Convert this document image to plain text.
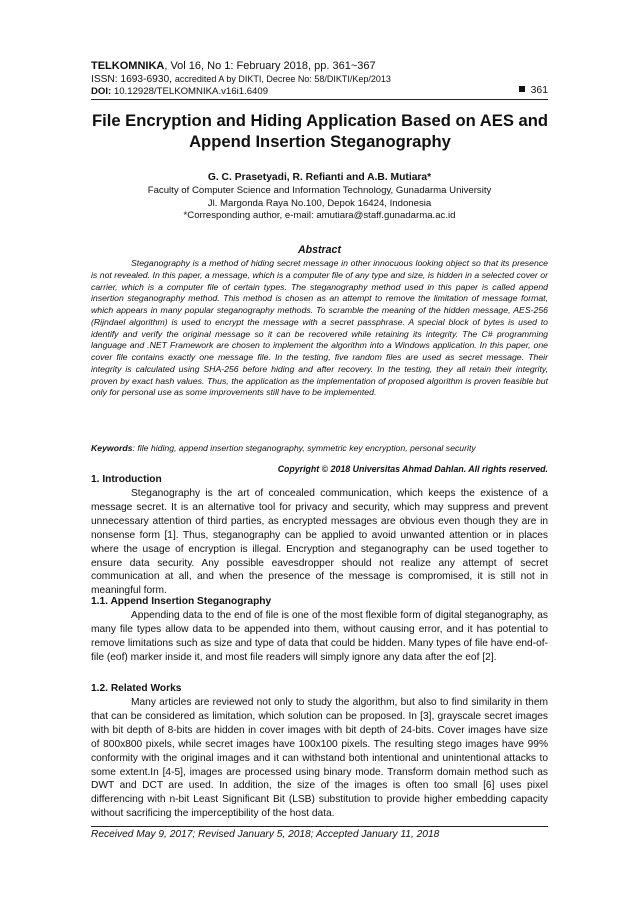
TELKOMNIKA, Vol 16, No 1: February 2018, pp. 361~367
ISSN: 1693-6930, accredited A by DIKTI, Decree No: 58/DIKTI/Kep/2013
DOI: 10.12928/TELKOMNIKA.v16i1.6409	361
File Encryption and Hiding Application Based on AES and Append Insertion Steganography
G. C. Prasetyadi, R. Refianti and A.B. Mutiara*
Faculty of Computer Science and Information Technology, Gunadarma University
Jl. Margonda Raya No.100, Depok 16424, Indonesia
*Corresponding author, e-mail: amutiara@staff.gunadarma.ac.id
Abstract
Steganography is a method of hiding secret message in other innocuous looking object so that its presence is not revealed. In this paper, a message, which is a computer file of any type and size, is hidden in a selected cover or carrier, which is a computer file of certain types. The steganography method used in this paper is called append insertion steganography method. This method is chosen as an attempt to remove the limitation of message format, which appears in many popular steganography methods. To scramble the meaning of the hidden message, AES-256 (Rijndael algorithm) is used to encrypt the message with a secret passphrase. A special block of bytes is used to identify and verify the original message so it can be recovered while retaining its integrity. The C# programming language and .NET Framework are chosen to implement the algorithm into a Windows application. In this paper, one cover file contains exactly one message file. In the testing, five random files are used as secret message. Their integrity is calculated using SHA-256 before hiding and after recovery. In the testing, they all retain their integrity, proven by exact hash values. Thus, the application as the implementation of proposed algorithm is proven feasible but only for personal use as some improvements still have to be implemented.
Keywords: file hiding, append insertion steganography, symmetric key encryption, personal security
Copyright © 2018 Universitas Ahmad Dahlan. All rights reserved.
1. Introduction
Steganography is the art of concealed communication, which keeps the existence of a message secret. It is an alternative tool for privacy and security, which may suppress and prevent unnecessary attention of third parties, as encrypted messages are obvious even though they are in nonsense form [1]. Thus, steganography can be applied to avoid unwanted attention or in places where the usage of encryption is illegal. Encryption and steganography can be used together to ensure data security. Any possible eavesdropper should not realize any attempt of secret communication at all, and when the presence of the message is compromised, it is still not in meaningful form.
1.1. Append Insertion Steganography
Appending data to the end of file is one of the most flexible form of digital steganography, as many file types allow data to be appended into them, without causing error, and it has potential to remove limitations such as size and type of data that could be hidden. Many types of file have end-of-file (eof) marker inside it, and most file readers will simply ignore any data after the eof [2].
1.2. Related Works
Many articles are reviewed not only to study the algorithm, but also to find similarity in them that can be considered as limitation, which solution can be proposed. In [3], grayscale secret images with bit depth of 8-bits are hidden in cover images with bit depth of 24-bits. Cover images have size of 800x800 pixels, while secret images have 100x100 pixels. The resulting stego images have 99% conformity with the original images and it can withstand both intentional and unintentional attacks to some extent.In [4-5], images are processed using binary mode. Transform domain method such as DWT and DCT are used. In addition, the size of the images is often too small [6] uses pixel differencing with n-bit Least Significant Bit (LSB) substitution to provide higher embedding capacity without sacrificing the imperceptibility of the host data.
Received May 9, 2017; Revised January 5, 2018; Accepted January 11, 2018
